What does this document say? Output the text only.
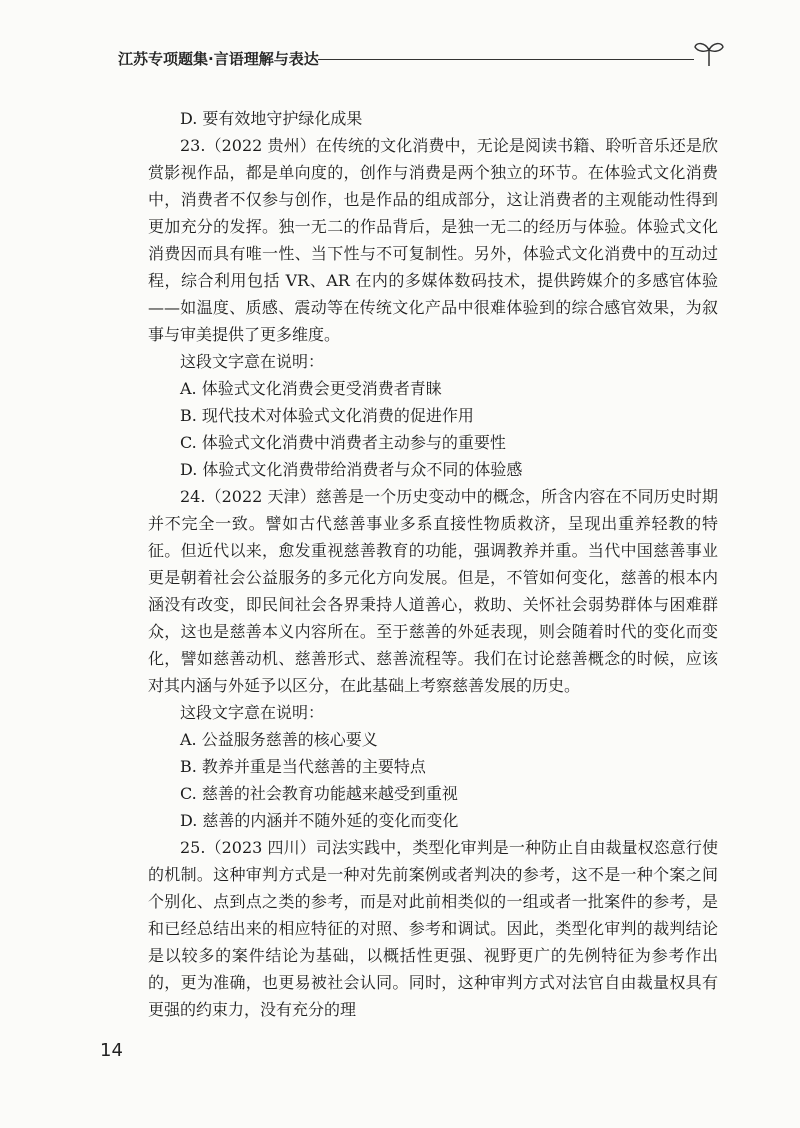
江苏专项题集·言语理解与表达

D. 要有效地守护绿化成果

23.（2022 贵州）在传统的文化消费中，无论是阅读书籍、聆听音乐还是欣赏影视作品，都是单向度的，创作与消费是两个独立的环节。在体验式文化消费中，消费者不仅参与创作，也是作品的组成部分，这让消费者的主观能动性得到更加充分的发挥。独一无二的作品背后，是独一无二的经历与体验。体验式文化消费因而具有唯一性、当下性与不可复制性。另外，体验式文化消费中的互动过程，综合利用包括 VR、AR 在内的多媒体数码技术，提供跨媒介的多感官体验——如温度、质感、震动等在传统文化产品中很难体验到的综合感官效果，为叙事与审美提供了更多维度。

这段文字意在说明：

A. 体验式文化消费会更受消费者青睐

B. 现代技术对体验式文化消费的促进作用

C. 体验式文化消费中消费者主动参与的重要性

D. 体验式文化消费带给消费者与众不同的体验感

24.（2022 天津）慈善是一个历史变动中的概念，所含内容在不同历史时期并不完全一致。譬如古代慈善事业多系直接性物质救济，呈现出重养轻教的特征。但近代以来，愈发重视慈善教育的功能，强调教养并重。当代中国慈善事业更是朝着社会公益服务的多元化方向发展。但是，不管如何变化，慈善的根本内涵没有改变，即民间社会各界秉持人道善心，救助、关怀社会弱势群体与困难群众，这也是慈善本义内容所在。至于慈善的外延表现，则会随着时代的变化而变化，譬如慈善动机、慈善形式、慈善流程等。我们在讨论慈善概念的时候，应该对其内涵与外延予以区分，在此基础上考察慈善发展的历史。

这段文字意在说明：

A. 公益服务慈善的核心要义

B. 教养并重是当代慈善的主要特点

C. 慈善的社会教育功能越来越受到重视

D. 慈善的内涵并不随外延的变化而变化

25.（2023 四川）司法实践中，类型化审判是一种防止自由裁量权恣意行使的机制。这种审判方式是一种对先前案例或者判决的参考，这不是一种个案之间个别化、点到点之类的参考，而是对此前相类似的一组或者一批案件的参考，是和已经总结出来的相应特征的对照、参考和调试。因此，类型化审判的裁判结论是以较多的案件结论为基础，以概括性更强、视野更广的先例特征为参考作出的，更为准确，也更易被社会认同。同时，这种审判方式对法官自由裁量权具有更强的约束力，没有充分的理

14
